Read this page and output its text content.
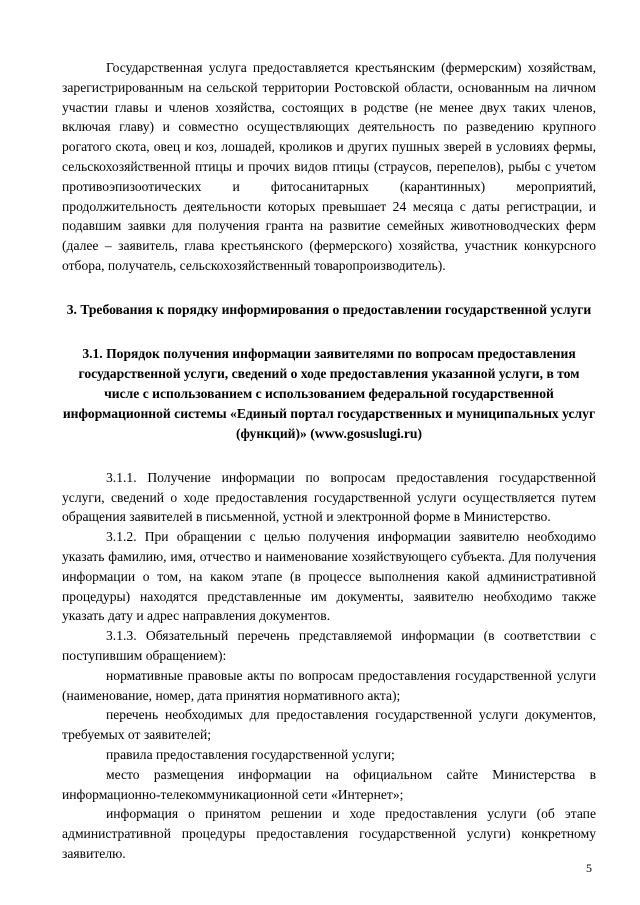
Государственная услуга предоставляется крестьянским (фермерским) хозяйствам, зарегистрированным на сельской территории Ростовской области, основанным на личном участии главы и членов хозяйства, состоящих в родстве (не менее двух таких членов, включая главу) и совместно осуществляющих деятельность по разведению крупного рогатого скота, овец и коз, лошадей, кроликов и других пушных зверей в условиях фермы, сельскохозяйственной птицы и прочих видов птицы (страусов, перепелов), рыбы с учетом противоэпизоотических и фитосанитарных (карантинных) мероприятий, продолжительность деятельности которых превышает 24 месяца с даты регистрации, и подавшим заявки для получения гранта на развитие семейных животноводческих ферм (далее – заявитель, глава крестьянского (фермерского) хозяйства, участник конкурсного отбора, получатель, сельскохозяйственный товаропроизводитель).

3. Требования к порядку информирования о предоставлении государственной услуги

3.1. Порядок получения информации заявителями по вопросам предоставления государственной услуги, сведений о ходе предоставления указанной услуги, в том числе с использованием с использованием федеральной государственной информационной системы «Единый портал государственных и муниципальных услуг (функций)» (www.gosuslugi.ru)

3.1.1. Получение информации по вопросам предоставления государственной услуги, сведений о ходе предоставления государственной услуги осуществляется путем обращения заявителей в письменной, устной и электронной форме в Министерство.

3.1.2. При обращении с целью получения информации заявителю необходимо указать фамилию, имя, отчество и наименование хозяйствующего субъекта. Для получения информации о том, на каком этапе (в процессе выполнения какой административной процедуры) находятся представленные им документы, заявителю необходимо также указать дату и адрес направления документов.

3.1.3. Обязательный перечень представляемой информации (в соответствии с поступившим обращением):

нормативные правовые акты по вопросам предоставления государственной услуги (наименование, номер, дата принятия нормативного акта);

перечень необходимых для предоставления государственной услуги документов, требуемых от заявителей;

правила предоставления государственной услуги;

место размещения информации на официальном сайте Министерства в информационно-телекоммуникационной сети «Интернет»;

информация о принятом решении и ходе предоставления услуги (об этапе административной процедуры предоставления государственной услуги) конкретному заявителю.

5
